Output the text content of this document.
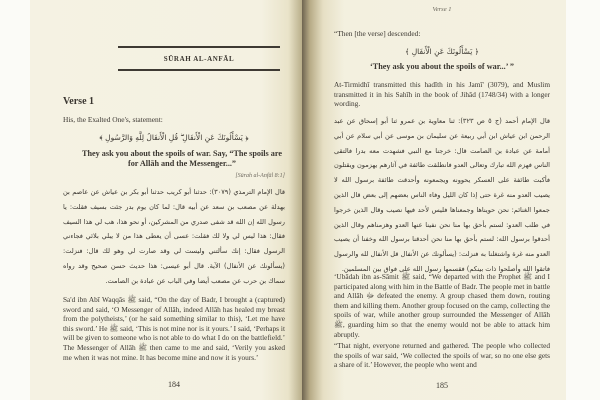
SŪRAH AL-ANFĀL
Verse 1
His, the Exalted One's, statement:
﴿ يَسْأَلُونَكَ عَنِ الْأَنفَالِ ۖ قُلِ الْأَنفَالُ لِلَّهِ وَالرَّسُولِ ﴾
They ask you about the spoils of war. Say, “The spoils are for Allāh and the Messenger...”
[Sūrah al-Anfāl 8:1]
قال الإمام الترمذي (٣٠٧٩): حدثنا أبو كريب حدثنا أبو بكر بن عياش عن عاصم بن بهدلة عن مصعب بن سعد عن أبيه قال: لما كان يوم بدر جئت بسيف فقلت: يا رسول الله إن الله قد شفى صدري من المشركين، أو نحو هذا، هب لي هذا السيف فقال: هذا ليس لي ولا لك فقلت: عسى أن يعطى هذا من لا يبلي بلائي فجاءني الرسول فقال: إنك سألتني وليست لي وقد صارت لي وهو لك قال: فنزلت: (يسألونك عن الأنفال) الآية. قال أبو عيسى: هذا حديث حسن صحيح وقد رواه سماك بن حرب عن مصعب أيضا وفي الباب عن عبادة بن الصامت.
Sa'd ibn Abī Waqqās ﷺ said, “On the day of Badr, I brought a (captured) sword and said, ‘O Messenger of Allāh, indeed Allāh has healed my breast from the polytheists,’ (or he said something similar to this), ‘Let me have this sword.’ He ﷺ said, ‘This is not mine nor is it yours.’ I said, ‘Perhaps it will be given to someone who is not able to do what I do on the battlefield.’ The Messenger of Allāh ﷺ then came to me and said, ‘Verily you asked me when it was not mine. It has become mine and now it is yours.’
184
Verse 1
“Then [the verse] descended:
﴿ يَسْأَلُونَكَ عَنِ الْأَنفَالِ ﴾
‘They ask you about the spoils of war...’ ”
At-Tirmidhī transmitted this hadīth in his Jamī' (3079), and Muslim transmitted it in his Sahīh in the book of Jihād (1748/34) with a longer wording.
قال الإمام أحمد (ج ٥ ص ٣٢٣): ثنا معاوية بن عمرو ثنا أبو إسحاق عن عبد الرحمن ابن عياش ابن أبي ربيعة عن سليمان بن موسى عن أبي سلام عن أبي أمامة عن عبادة بن الصامت قال: خرجنا مع النبي فشهدت معه بدرا فالتقى الناس فهزم الله تبارك وتعالى العدو فانطلقت طائفة في آثارهم يهزمون ويقتلون فأكبت طائفة على العسكر يحوونه ويجمعونه وأحدقت طائفة برسول الله لا يصيب العدو منه غرة حتى إذا كان الليل وفاء الناس بعضهم إلى بعض قال الذين جمعوا الغنائم: نحن حويناها وجمعناها فليس لأحد فيها نصيب وقال الذين خرجوا في طلب العدو: لستم بأحق بها منا نحن نفينا عنها العدو وهزمناهم وقال الذين أحدقوا برسول الله: لستم بأحق بها منا نحن أحدقنا برسول الله وخفنا أن يصيب العدو منه غرة واشتغلنا به فنزلت: (يسألونك عن الأنفال قل الأنفال لله والرسول فاتقوا الله وأصلحوا ذات بينكم) فقسمها رسول الله على فواق بين المسلمين.
‘Ubādah ibn as-Sāmit ﷺ said, “We departed with the Prophet ﷺ and I participated along with him in the Battle of Badr. The people met in battle and Allāh ﷻ defeated the enemy. A group chased them down, routing them and killing them. Another group focused on the camp, collecting the spoils of war, while another group surrounded the Messenger of Allāh ﷺ, guarding him so that the enemy would not be able to attack him abruptly.
“That night, everyone returned and gathered. The people who collected the spoils of war said, ‘We collected the spoils of war, so no one else gets a share of it.’ However, the people who went and
185
